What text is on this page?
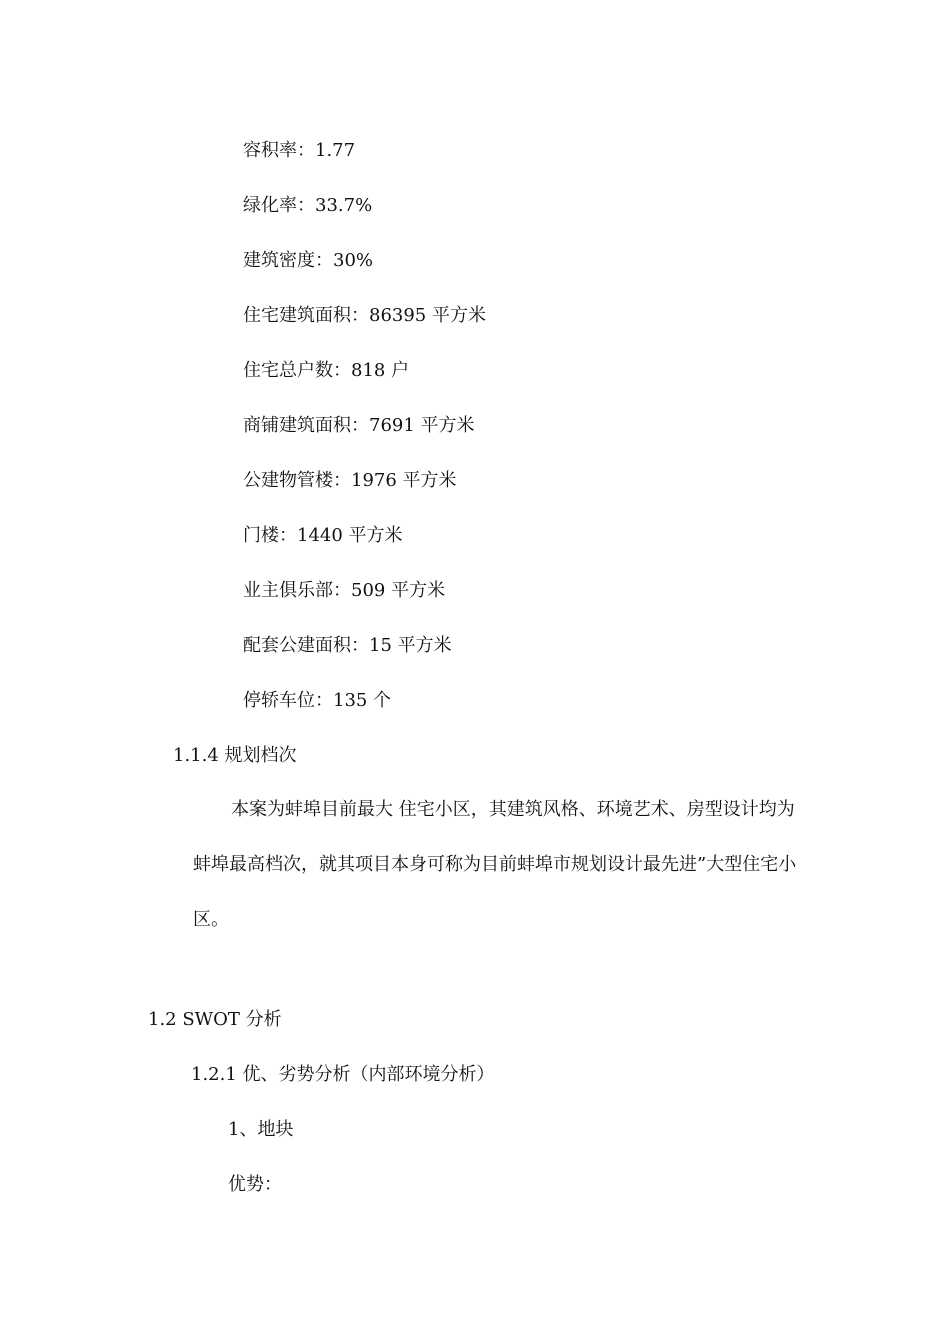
容积率：1.77
绿化率：33.7%
建筑密度：30%
住宅建筑面积：86395 平方米
住宅总户数：818 户
商铺建筑面积：7691 平方米
公建物管楼：1976 平方米
门楼：1440 平方米
业主俱乐部：509 平方米
配套公建面积：15 平方米
停轿车位：135 个
1.1.4 规划档次
本案为蚌埠目前最大 住宅小区，其建筑风格、环境艺术、房型设计均为
蚌埠最高档次，就其项目本身可称为目前蚌埠市规划设计最先进”大型住宅小
区。
1.2 SWOT 分析
1.2.1 优、劣势分析（内部环境分析）
1、地块
优势：
